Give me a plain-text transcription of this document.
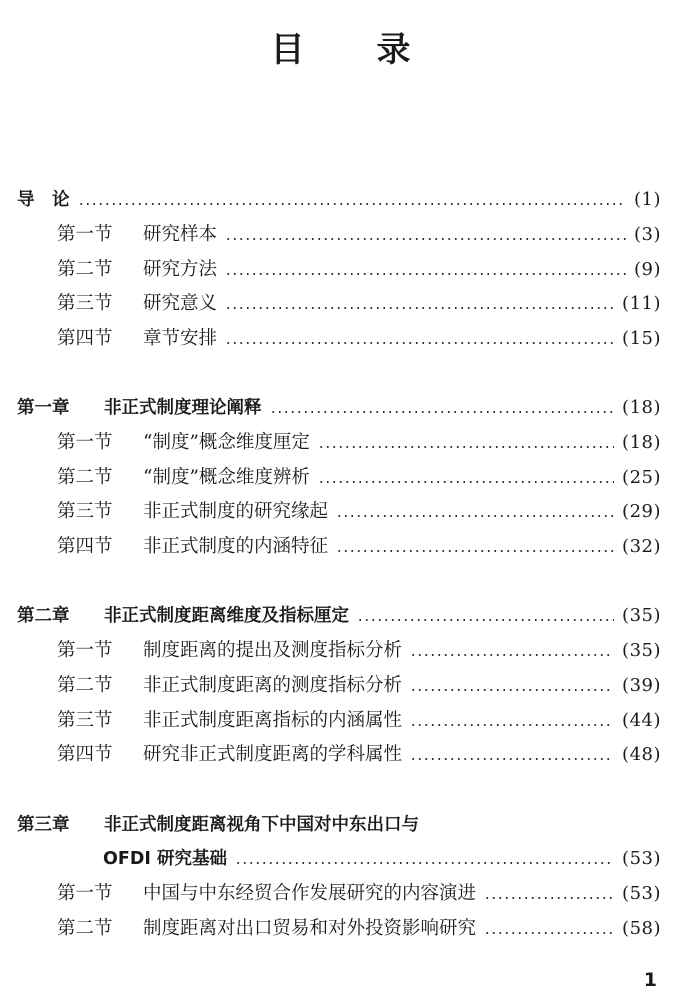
目 录
导　论	(1)
第一节	研究样本	(3)
第二节	研究方法	(9)
第三节	研究意义	(11)
第四节	章节安排	(15)
第一章	非正式制度理论阐释	(18)
第一节	“制度”概念维度厘定	(18)
第二节	“制度”概念维度辨析	(25)
第三节	非正式制度的研究缘起	(29)
第四节	非正式制度的内涵特征	(32)
第二章	非正式制度距离维度及指标厘定	(35)
第一节	制度距离的提出及测度指标分析	(35)
第二节	非正式制度距离的测度指标分析	(39)
第三节	非正式制度距离指标的内涵属性	(44)
第四节	研究非正式制度距离的学科属性	(48)
第三章	非正式制度距离视角下中国对中东出口与
OFDI 研究基础	(53)
第一节	中国与中东经贸合作发展研究的内容演进	(53)
第二节	制度距离对出口贸易和对外投资影响研究	(58)
1
